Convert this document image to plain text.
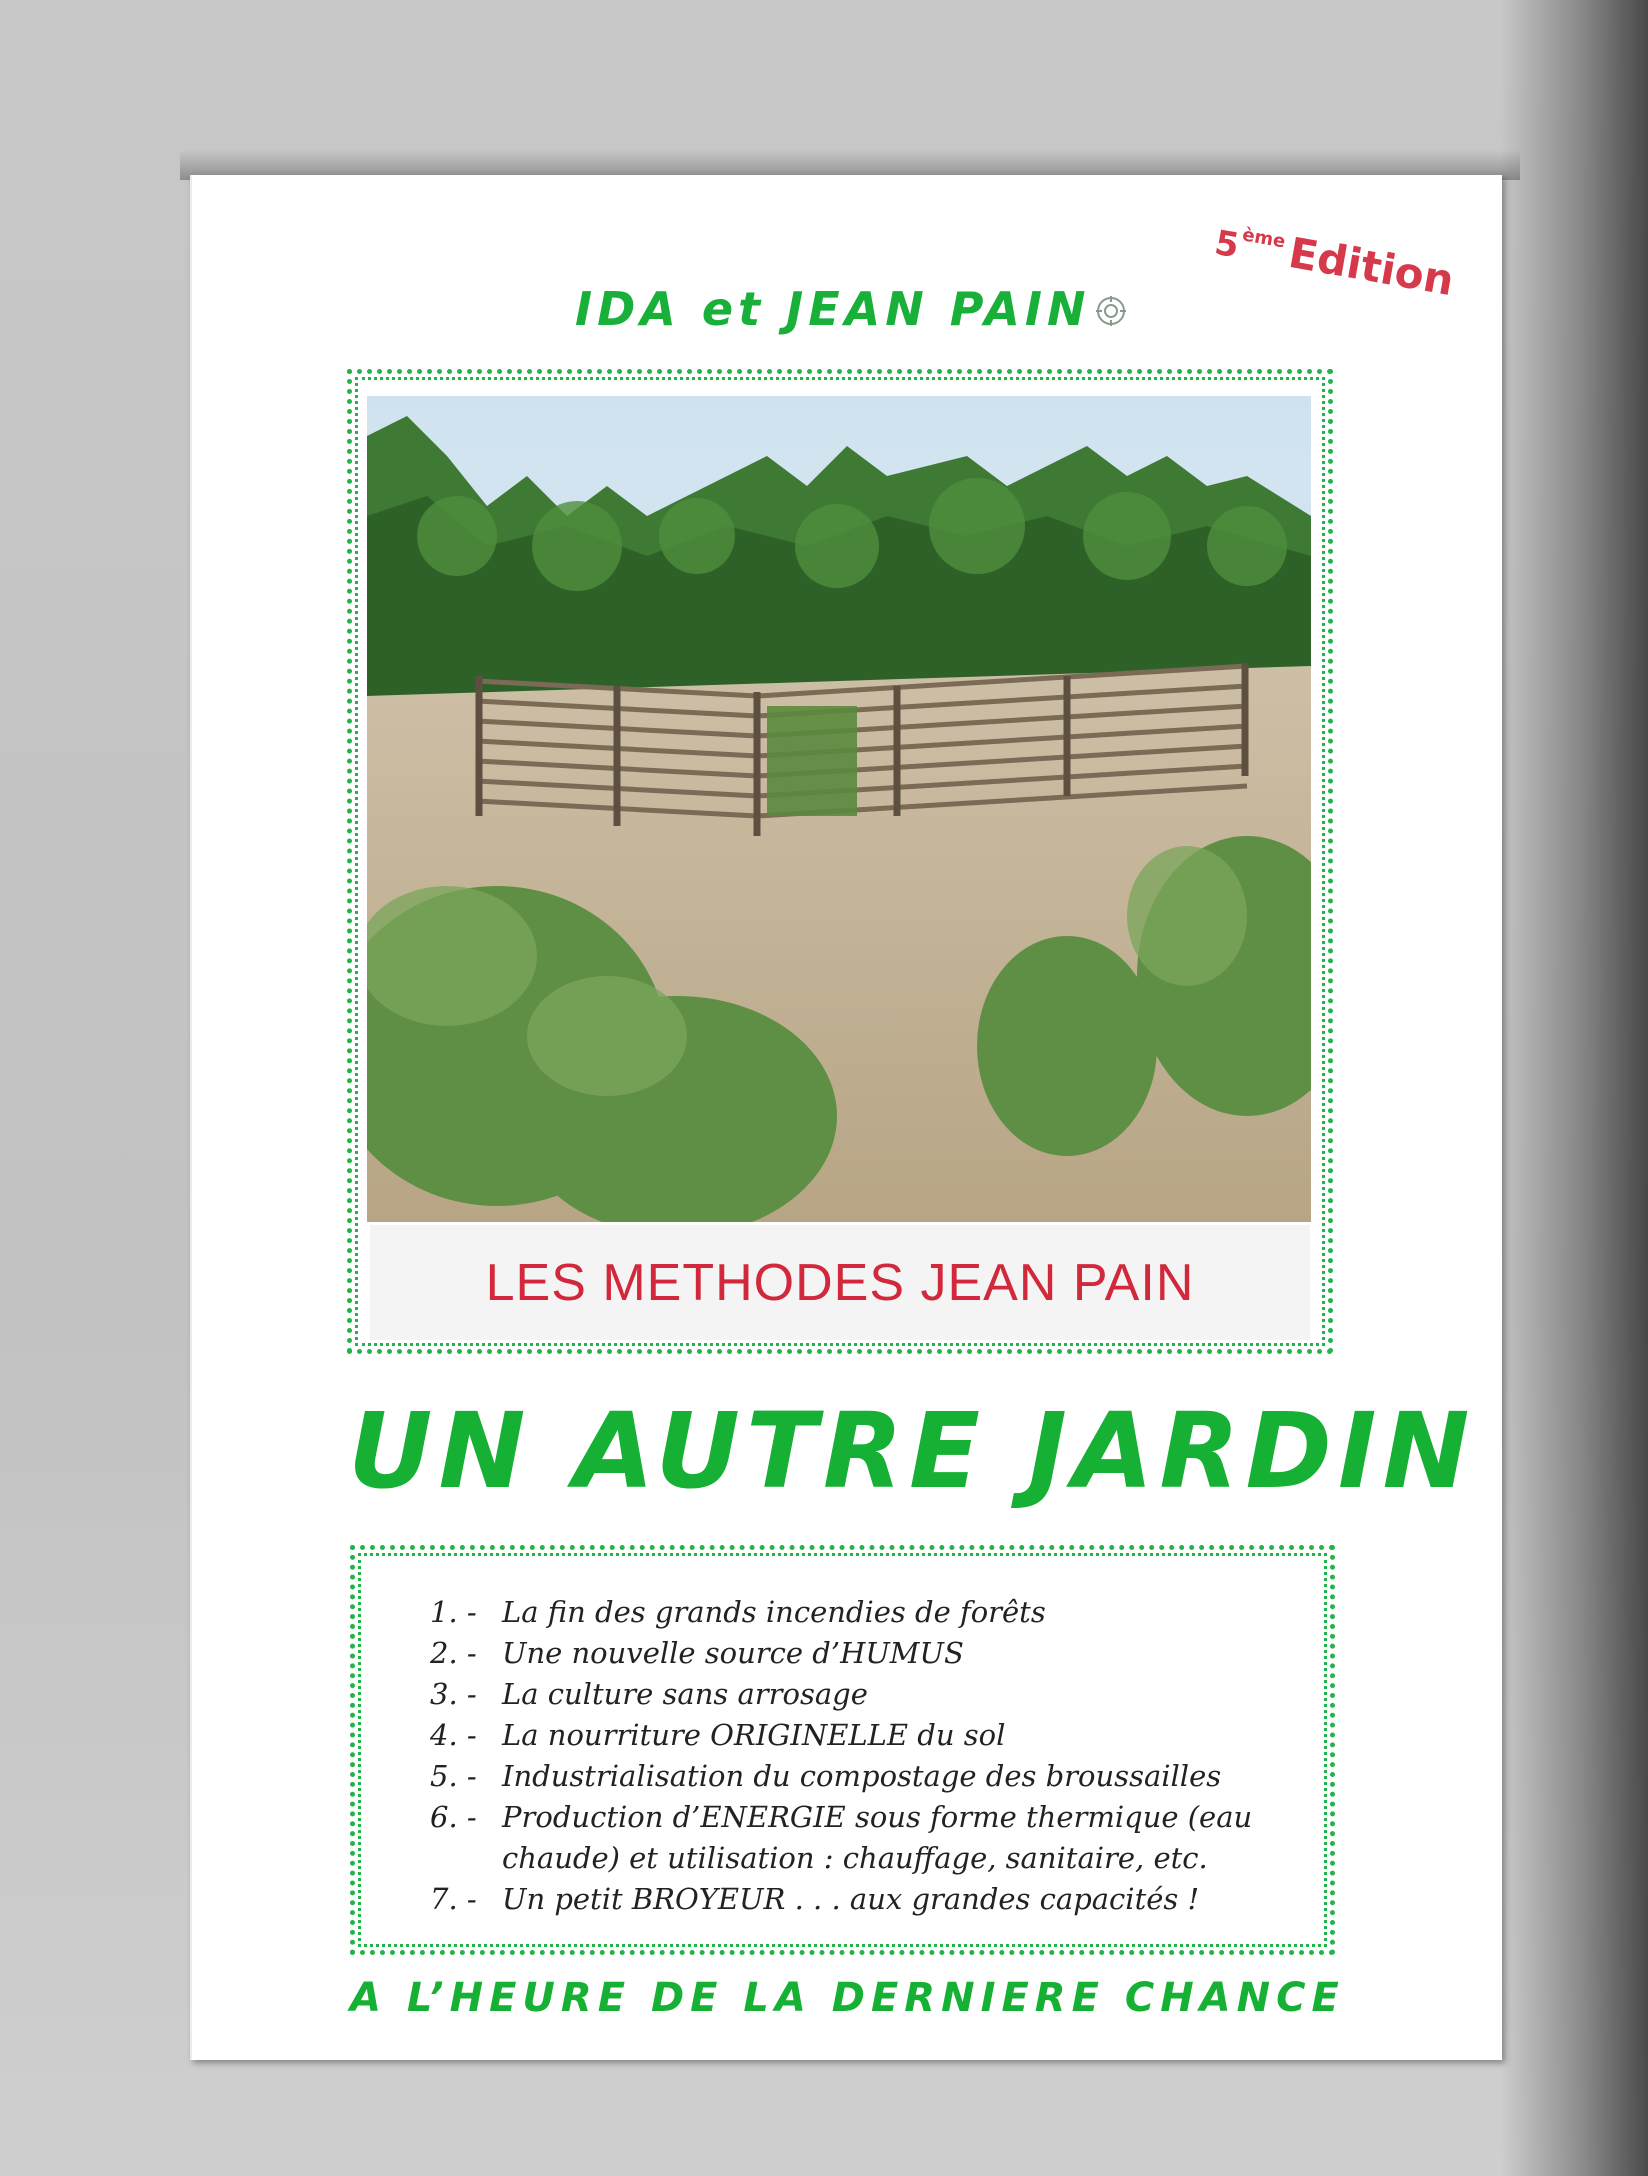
5èmeEdition
IDA et JEAN PAIN
LES METHODES JEAN PAIN
UN AUTRE JARDIN
1. - La fin des grands incendies de forêts
2. - Une nouvelle source d’HUMUS
3. - La culture sans arrosage
4. - La nourriture ORIGINELLE du sol
5. - Industrialisation du compostage des broussailles
6. - Production d’ENERGIE sous forme thermique (eau chaude) et utilisation : chauffage, sanitaire, etc.
7. - Un petit BROYEUR . . . aux grandes capacités !
A L’HEURE DE LA DERNIERE CHANCE
